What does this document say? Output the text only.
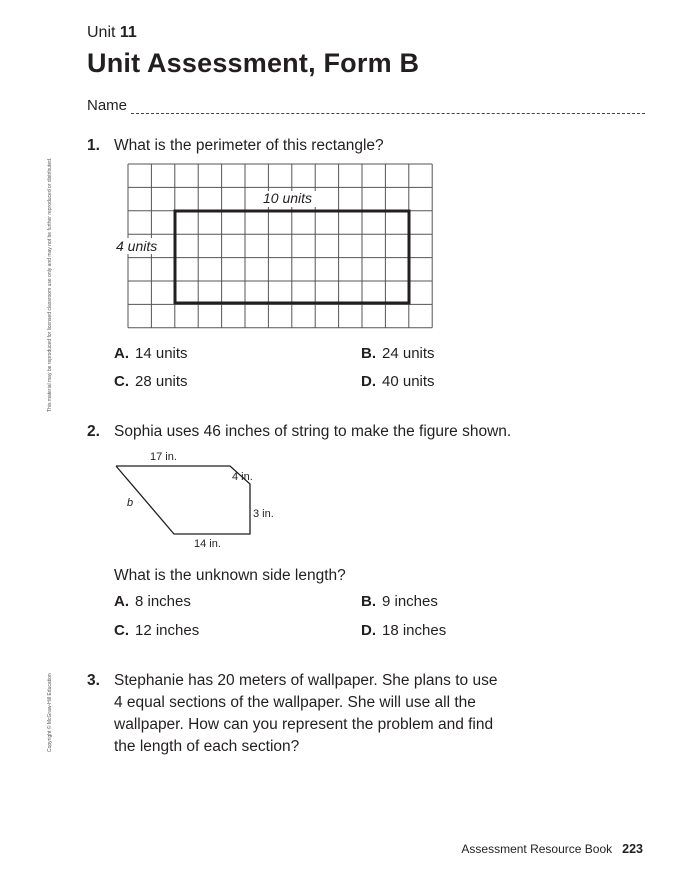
Unit 11
Unit Assessment, Form B
Name
This material may be reproduced for licensed classroom use only and may not be further reproduced or distributed.
Copyright © McGraw-Hill Education
1. What is the perimeter of this rectangle?
10 units
4 units
A. 14 units	B. 24 units
C. 28 units	D. 40 units
2. Sophia uses 46 inches of string to make the figure shown.
17 in.
4 in.
3 in.
14 in.
b
What is the unknown side length?
A. 8 inches	B. 9 inches
C. 12 inches	D. 18 inches
3. Stephanie has 20 meters of wallpaper. She plans to use
4 equal sections of the wallpaper. She will use all the
wallpaper. How can you represent the problem and find
the length of each section?
Assessment Resource Book 223
